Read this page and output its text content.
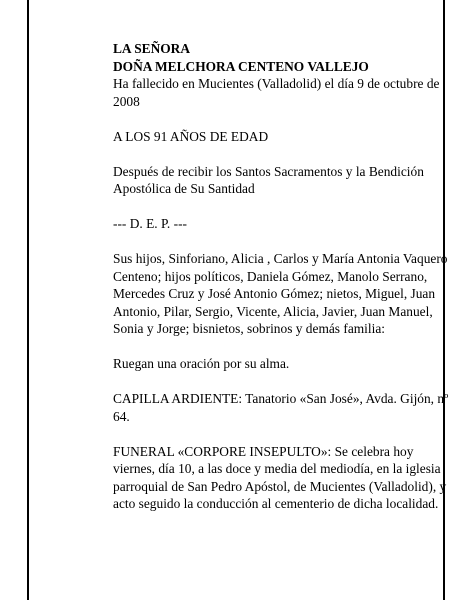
LA SEÑORA

DOÑA MELCHORA CENTENO VALLEJO

Ha fallecido en Mucientes (Valladolid) el día 9 de octubre de 2008

A LOS 91 AÑOS DE EDAD

Después de recibir los Santos Sacramentos y la Bendición Apostólica de Su Santidad

--- D. E. P. ---

Sus hijos, Sinforiano, Alicia , Carlos y María Antonia Vaquero Centeno; hijos políticos, Daniela Gómez, Manolo Serrano, Mercedes Cruz y José Antonio Gómez; nietos, Miguel, Juan Antonio, Pilar, Sergio, Vicente, Alicia, Javier, Juan Manuel, Sonia y Jorge; bisnietos, sobrinos y demás familia:

Ruegan una oración por su alma.

CAPILLA ARDIENTE: Tanatorio «San José», Avda. Gijón, nº 64.

FUNERAL «CORPORE INSEPULTO»: Se celebra hoy viernes, día 10, a las doce y media del mediodía, en la iglesia parroquial de San Pedro Apóstol, de Mucientes (Valladolid), y acto seguido la conducción al cementerio de dicha localidad.
